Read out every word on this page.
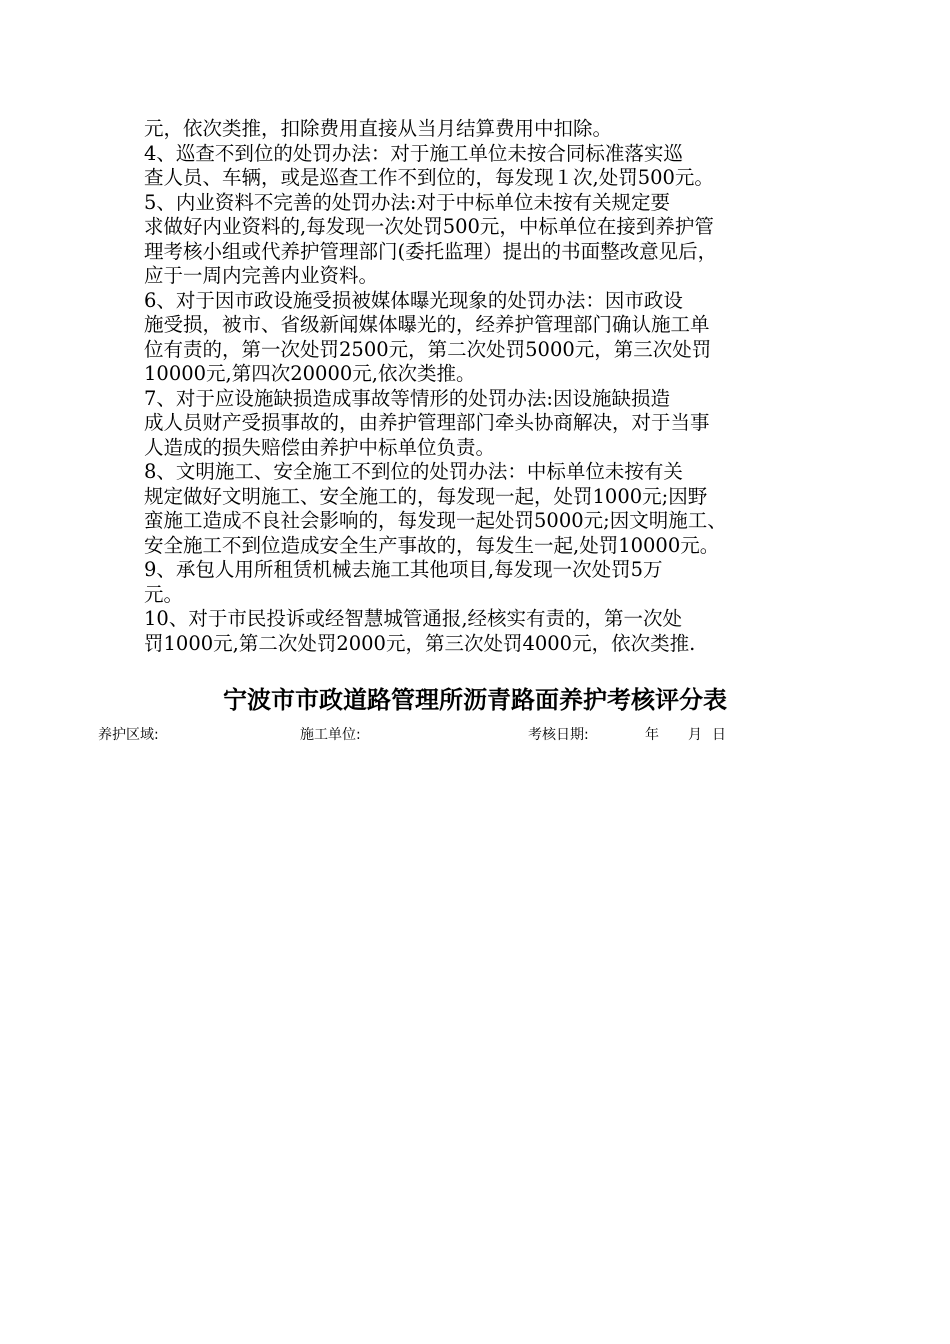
元，依次类推，扣除费用直接从当月结算费用中扣除。

4、巡查不到位的处罚办法：对于施工单位未按合同标准落实巡

查人员、车辆，或是巡查工作不到位的，每发现１次,处罚500元。

5、内业资料不完善的处罚办法:对于中标单位未按有关规定要

求做好内业资料的,每发现一次处罚500元，中标单位在接到养护管

理考核小组或代养护管理部门(委托监理）提出的书面整改意见后，

应于一周内完善内业资料。

6、对于因市政设施受损被媒体曝光现象的处罚办法：因市政设

施受损，被市、省级新闻媒体曝光的，经养护管理部门确认施工单

位有责的，第一次处罚2500元，第二次处罚5000元，第三次处罚

10000元,第四次20000元,依次类推。

7、对于应设施缺损造成事故等情形的处罚办法:因设施缺损造

成人员财产受损事故的，由养护管理部门牵头协商解决，对于当事

人造成的损失赔偿由养护中标单位负责。

8、文明施工、安全施工不到位的处罚办法：中标单位未按有关

规定做好文明施工、安全施工的，每发现一起，处罚1000元;因野

蛮施工造成不良社会影响的，每发现一起处罚5000元;因文明施工、

安全施工不到位造成安全生产事故的，每发生一起,处罚10000元。

9、承包人用所租赁机械去施工其他项目,每发现一次处罚5万

元。

10、对于市民投诉或经智慧城管通报,经核实有责的，第一次处

罚1000元,第二次处罚2000元，第三次处罚4000元，依次类推.

宁波市市政道路管理所沥青路面养护考核评分表
养护区域:	施工单位:	考核日期:	年 月 日
